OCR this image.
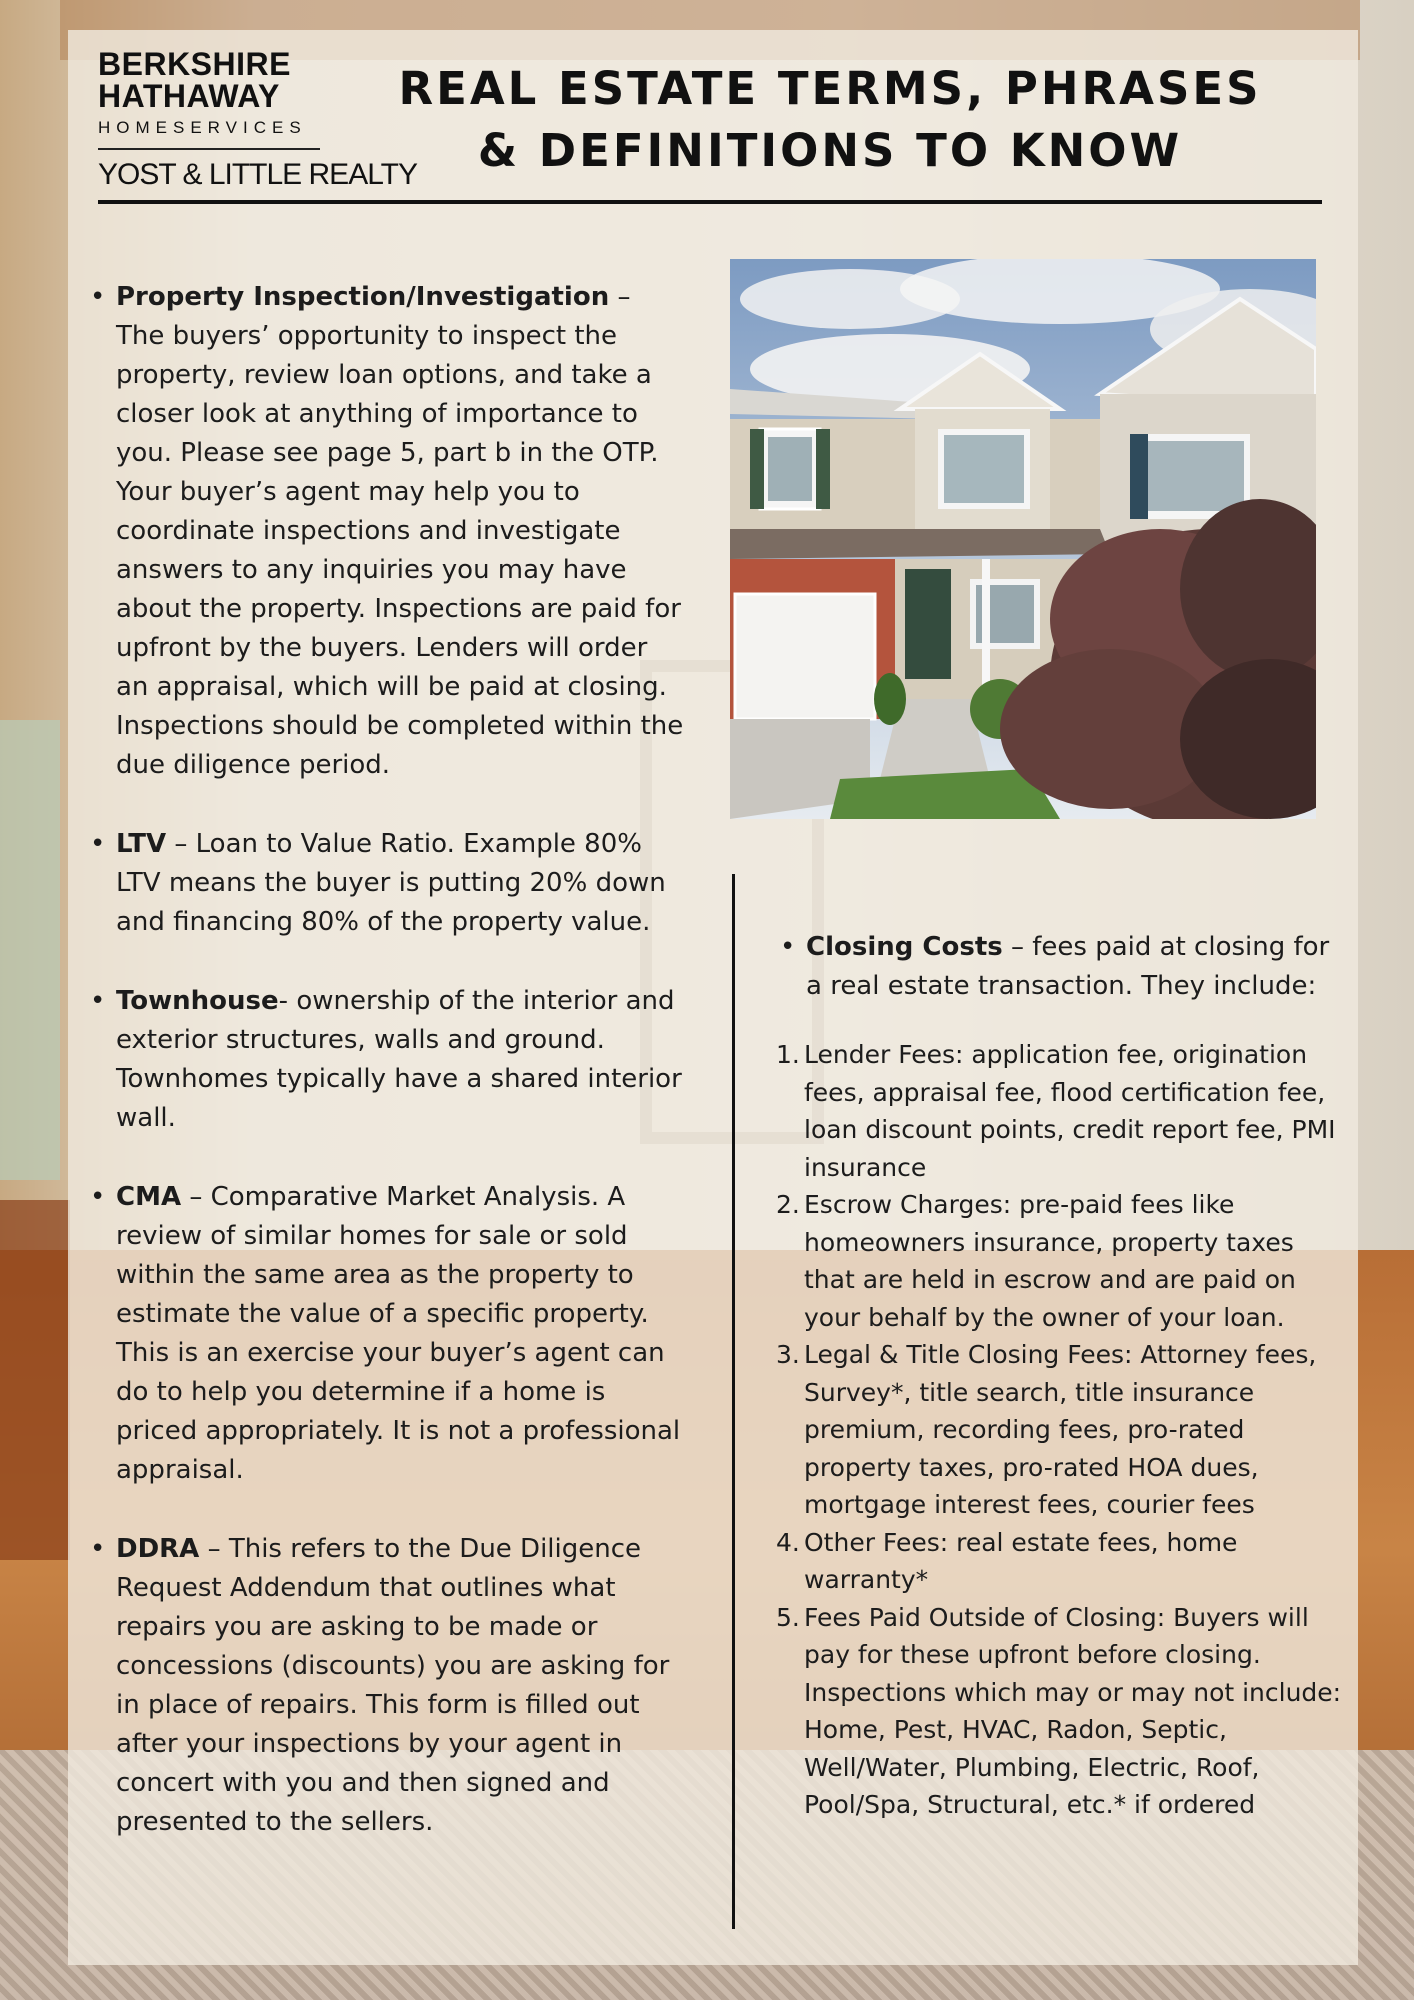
BERKSHIRE
HATHAWAY
HOMESERVICES
YOST & LITTLE REALTY
REAL ESTATE TERMS, PHRASES
& DEFINITIONS TO KNOW
• Property Inspection/Investigation – The buyers’ opportunity to inspect the property, review loan options, and take a closer look at anything of importance to you. Please see page 5, part b in the OTP. Your buyer’s agent may help you to coordinate inspections and investigate answers to any inquiries you may have about the property. Inspections are paid for upfront by the buyers. Lenders will order an appraisal, which will be paid at closing. Inspections should be completed within the due diligence period.
• LTV – Loan to Value Ratio. Example 80% LTV means the buyer is putting 20% down and financing 80% of the property value.
• Townhouse- ownership of the interior and exterior structures, walls and ground. Townhomes typically have a shared interior wall.
• CMA – Comparative Market Analysis. A review of similar homes for sale or sold within the same area as the property to estimate the value of a specific property. This is an exercise your buyer’s agent can do to help you determine if a home is priced appropriately. It is not a professional appraisal.
• DDRA – This refers to the Due Diligence Request Addendum that outlines what repairs you are asking to be made or concessions (discounts) you are asking for in place of repairs. This form is filled out after your inspections by your agent in concert with you and then signed and presented to the sellers.
• Closing Costs – fees paid at closing for a real estate transaction. They include:
1. Lender Fees: application fee, origination fees, appraisal fee, flood certification fee, loan discount points, credit report fee, PMI insurance
2. Escrow Charges: pre-paid fees like homeowners insurance, property taxes that are held in escrow and are paid on your behalf by the owner of your loan.
3. Legal & Title Closing Fees: Attorney fees, Survey*, title search, title insurance premium, recording fees, pro-rated property taxes, pro-rated HOA dues, mortgage interest fees, courier fees
4. Other Fees: real estate fees, home warranty*
5. Fees Paid Outside of Closing: Buyers will pay for these upfront before closing. Inspections which may or may not include: Home, Pest, HVAC, Radon, Septic, Well/Water, Plumbing, Electric, Roof, Pool/Spa, Structural, etc.* if ordered
